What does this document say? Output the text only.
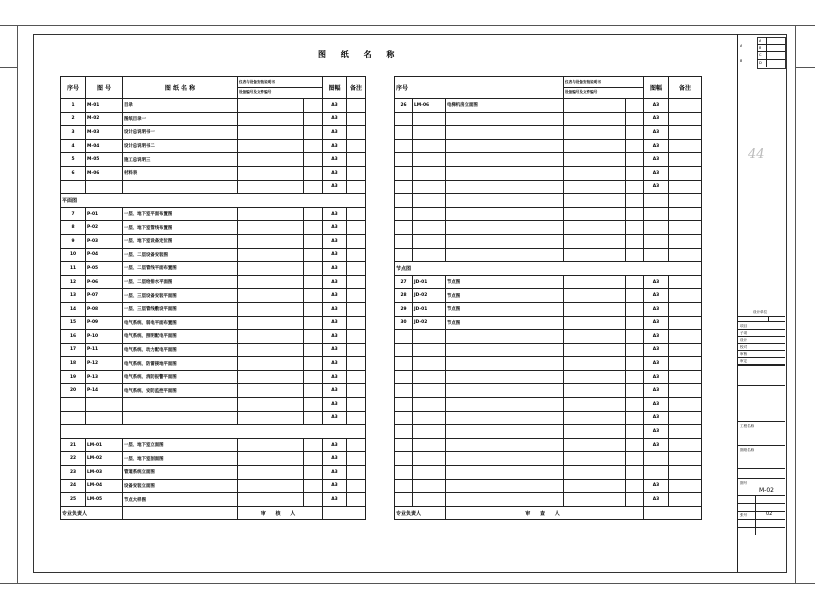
图 纸 名 称
44
序号	图 号	图 纸 名 称	仪表与设备安装说明书
设备编号及文件编号		图幅	备注
1	M-01	目录			A3	
2	M-02	图纸目录一			A3	
3	M-03	设计总说明书一			A3	
4	M-04	设计总说明书二			A3	
5	M-05	施工总说明三			A3	
6	M-06	材料表			A3	
					A3	
平面图						
7	P-01	一层、地下室平面布置图			A3	
8	P-02	一层、地下室管线布置图			A3	
9	P-03	一层、地下室设备定位图			A3	
10	P-04	一层、二层设备安装图			A3	
11	P-05	一层、二层管线平面布置图			A3	
12	P-06	一层、二层给排水平面图			A3	
13	P-07	一层、三层设备安装平面图			A3	
14	P-08	一层、三层管线敷设平面图			A3	
15	P-09	电气系统、弱电平面布置图			A3	
16	P-10	电气系统、照明配电平面图			A3	
17	P-11	电气系统、动力配电平面图			A3	
18	P-12	电气系统、防雷接地平面图			A3	
19	P-13	电气系统、消防报警平面图			A3	
20	P-14	电气系统、安防监控平面图			A3	
					A3	
					A3	

21	LM-01	一层、地下室立面图			A3	
22	LM-02	一层、地下室剖面图			A3	
23	LM-03	管道系统立面图			A3	
24	LM-04	设备安装立面图			A3	
25	LM-05	节点大样图			A3	
专业负责人			审 核 人			
序号			仪表与设备安装说明书
设备编号及文件编号		图幅	备注
26	LM-06	电梯机房立面图			A3	
					A3	
					A3	
					A3	
					A3	
					A3	
					A3	

节点图						
27	JD-01	节点图			A3	
28	JD-02	节点图			A3	
29	JD-01	节点图			A3	
30	JD-02	节点图			A3	
					A3	
					A3	
					A3	
					A3	
					A3	
					A3	
					A3	
					A3	
					A3	

					A3	
					A3	
专业负责人		审 查 人				
A
B
C
D
A
B
设计单位
项目
子项
设计
校对
审核
审定
工程名称
图纸名称
图号
M-02
张号	02
